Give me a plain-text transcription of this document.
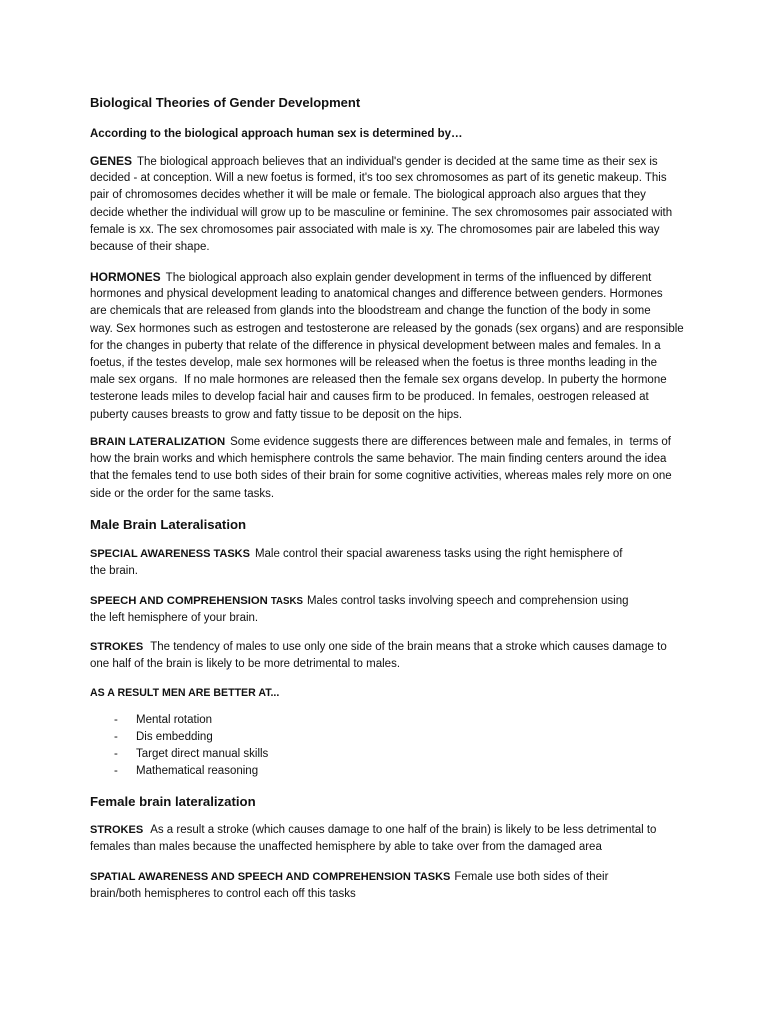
Biological Theories of Gender Development
According to the biological approach human sex is determined by…
GENES The biological approach believes that an individual's gender is decided at the same time as their sex is
decided - at conception. Will a new foetus is formed, it's too sex chromosomes as part of its genetic makeup. This
pair of chromosomes decides whether it will be male or female. The biological approach also argues that they
decide whether the individual will grow up to be masculine or feminine. The sex chromosomes pair associated with
female is xx. The sex chromosomes pair associated with male is xy. The chromosomes pair are labeled this way
because of their shape.
HORMONES The biological approach also explain gender development in terms of the influenced by different
hormones and physical development leading to anatomical changes and difference between genders. Hormones
are chemicals that are released from glands into the bloodstream and change the function of the body in some
way. Sex hormones such as estrogen and testosterone are released by the gonads (sex organs) and are responsible
for the changes in puberty that relate of the difference in physical development between males and females. In a
foetus, if the testes develop, male sex hormones will be released when the foetus is three months leading in the
male sex organs.  If no male hormones are released then the female sex organs develop. In puberty the hormone
testerone leads miles to develop facial hair and causes firm to be produced. In females, oestrogen released at
puberty causes breasts to grow and fatty tissue to be deposit on the hips.
BRAIN LATERALIZATION Some evidence suggests there are differences between male and females, in  terms of
how the brain works and which hemisphere controls the same behavior. The main finding centers around the idea
that the females tend to use both sides of their brain for some cognitive activities, whereas males rely more on one
side or the order for the same tasks.
Male Brain Lateralisation
SPECIAL AWARENESS TASKS Male control their spacial awareness tasks using the right hemisphere of
the brain.
SPEECH AND COMPREHENSION TASKS Males control tasks involving speech and comprehension using
the left hemisphere of your brain.
STROKES The tendency of males to use only one side of the brain means that a stroke which causes damage to
one half of the brain is likely to be more detrimental to males.
AS A RESULT MEN ARE BETTER AT...
-	Mental rotation
-	Dis embedding
-	Target direct manual skills
-	Mathematical reasoning
Female brain lateralization
STROKES As a result a stroke (which causes damage to one half of the brain) is likely to be less detrimental to
females than males because the unaffected hemisphere by able to take over from the damaged area
SPATIAL AWARENESS AND SPEECH AND COMPREHENSION TASKS Female use both sides of their
brain/both hemispheres to control each off this tasks
